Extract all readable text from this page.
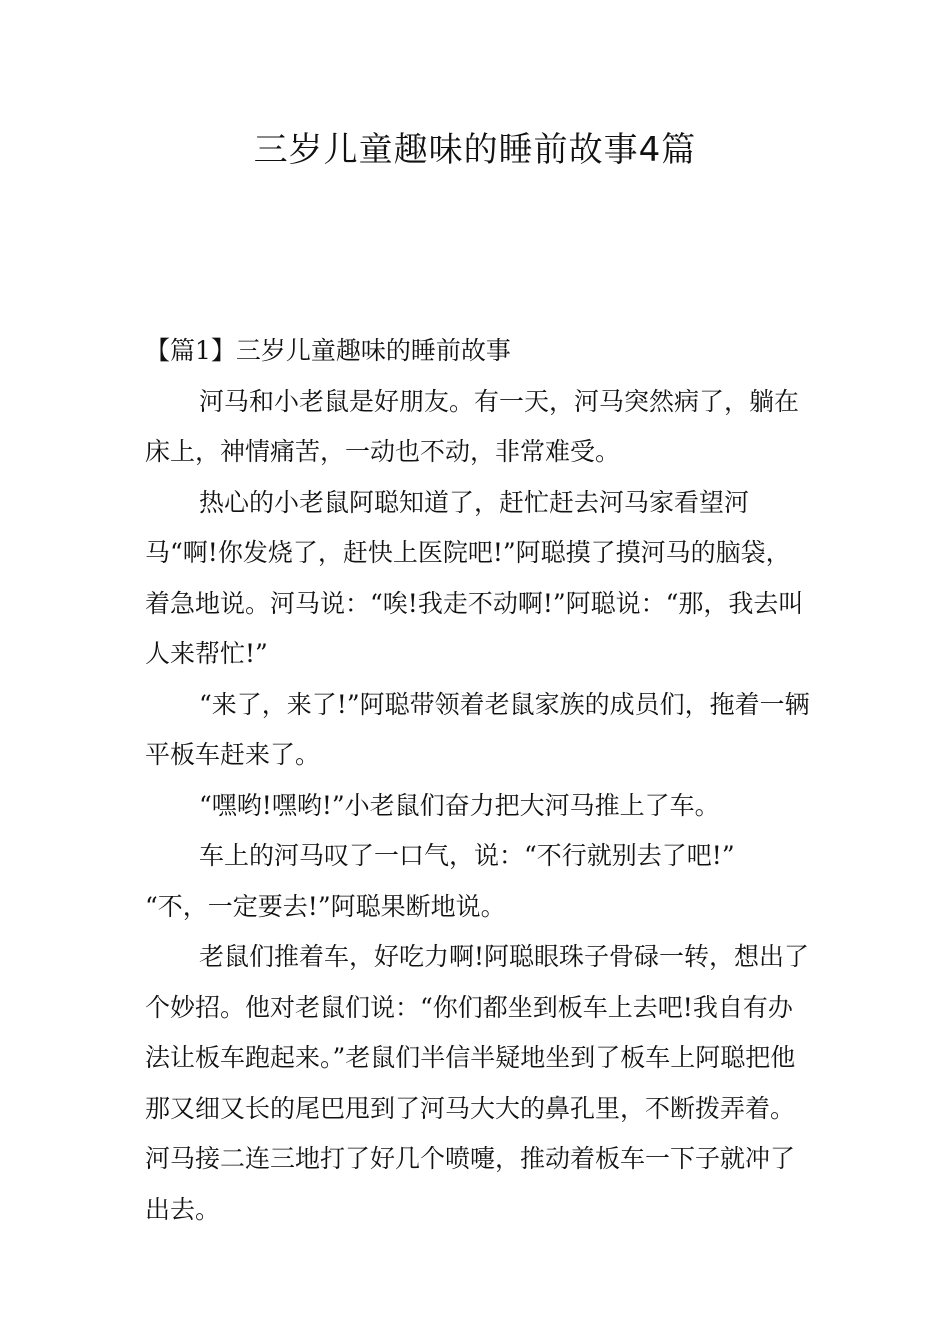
三岁儿童趣味的睡前故事4篇
【篇1】三岁儿童趣味的睡前故事

河马和小老鼠是好朋友。有一天，河马突然病了，躺在床上，神情痛苦，一动也不动，非常难受。

热心的小老鼠阿聪知道了，赶忙赶去河马家看望河马“啊!你发烧了，赶快上医院吧!”阿聪摸了摸河马的脑袋，着急地说。河马说：“唉!我走不动啊!”阿聪说：“那，我去叫人来帮忙!”

“来了，来了!”阿聪带领着老鼠家族的成员们，拖着一辆平板车赶来了。

“嘿哟!嘿哟!”小老鼠们奋力把大河马推上了车。

车上的河马叹了一口气，说：“不行就别去了吧!”

“不，一定要去!”阿聪果断地说。

老鼠们推着车，好吃力啊!阿聪眼珠子骨碌一转，想出了个妙招。他对老鼠们说：“你们都坐到板车上去吧!我自有办法让板车跑起来。”老鼠们半信半疑地坐到了板车上阿聪把他那又细又长的尾巴甩到了河马大大的鼻孔里，不断拨弄着。河马接二连三地打了好几个喷嚏，推动着板车一下子就冲了出去。
